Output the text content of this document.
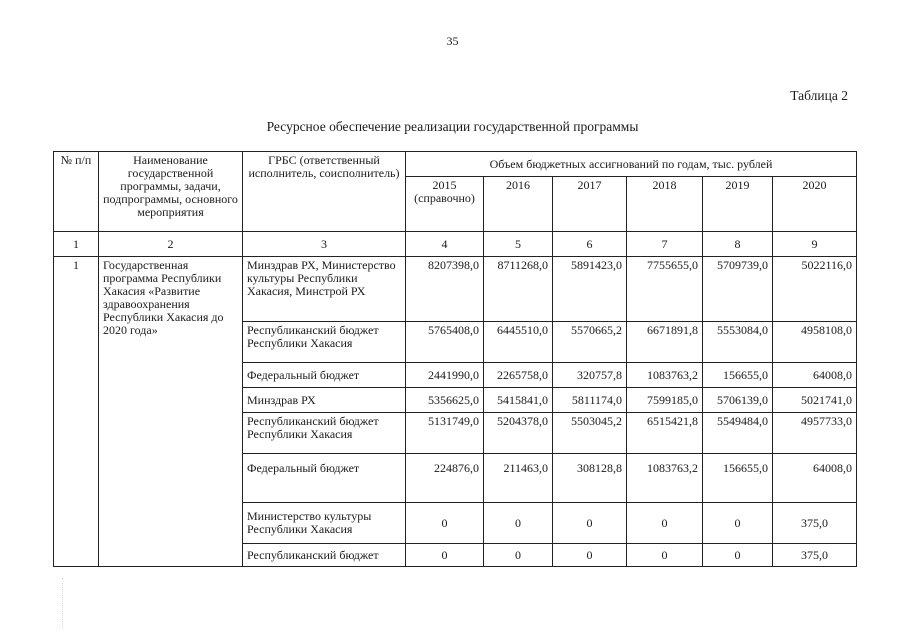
35
Таблица 2
Ресурсное обеспечение реализации государственной программы
№ п/п	Наименование государственной программы, задачи, подпрограммы, основного мероприятия	ГРБС (ответственный исполнитель, соисполнитель)	Объем бюджетных ассигнований по годам, тыс. рублей					
			2015 (справочно)	2016	2017	2018	2019	2020
1	2	3	4	5	6	7	8	9
1	Государственная программа Республики Хакасия «Развитие здравоохранения Республики Хакасия до 2020 года»	Минздрав РХ, Министерство культуры Республики Хакасия, Минстрой РХ	8207398,0	8711268,0	5891423,0	7755655,0	5709739,0	5022116,0
		Республиканский бюджет Республики Хакасия	5765408,0	6445510,0	5570665,2	6671891,8	5553084,0	4958108,0
		Федеральный бюджет	2441990,0	2265758,0	320757,8	1083763,2	156655,0	64008,0
		Минздрав РХ	5356625,0	5415841,0	5811174,0	7599185,0	5706139,0	5021741,0
		Республиканский бюджет Республики Хакасия	5131749,0	5204378,0	5503045,2	6515421,8	5549484,0	4957733,0
		Федеральный бюджет	224876,0	211463,0	308128,8	1083763,2	156655,0	64008,0
		Министерство культуры Республики Хакасия	0	0	0	0	0	375,0
		Республиканский бюджет	0	0	0	0	0	375,0
